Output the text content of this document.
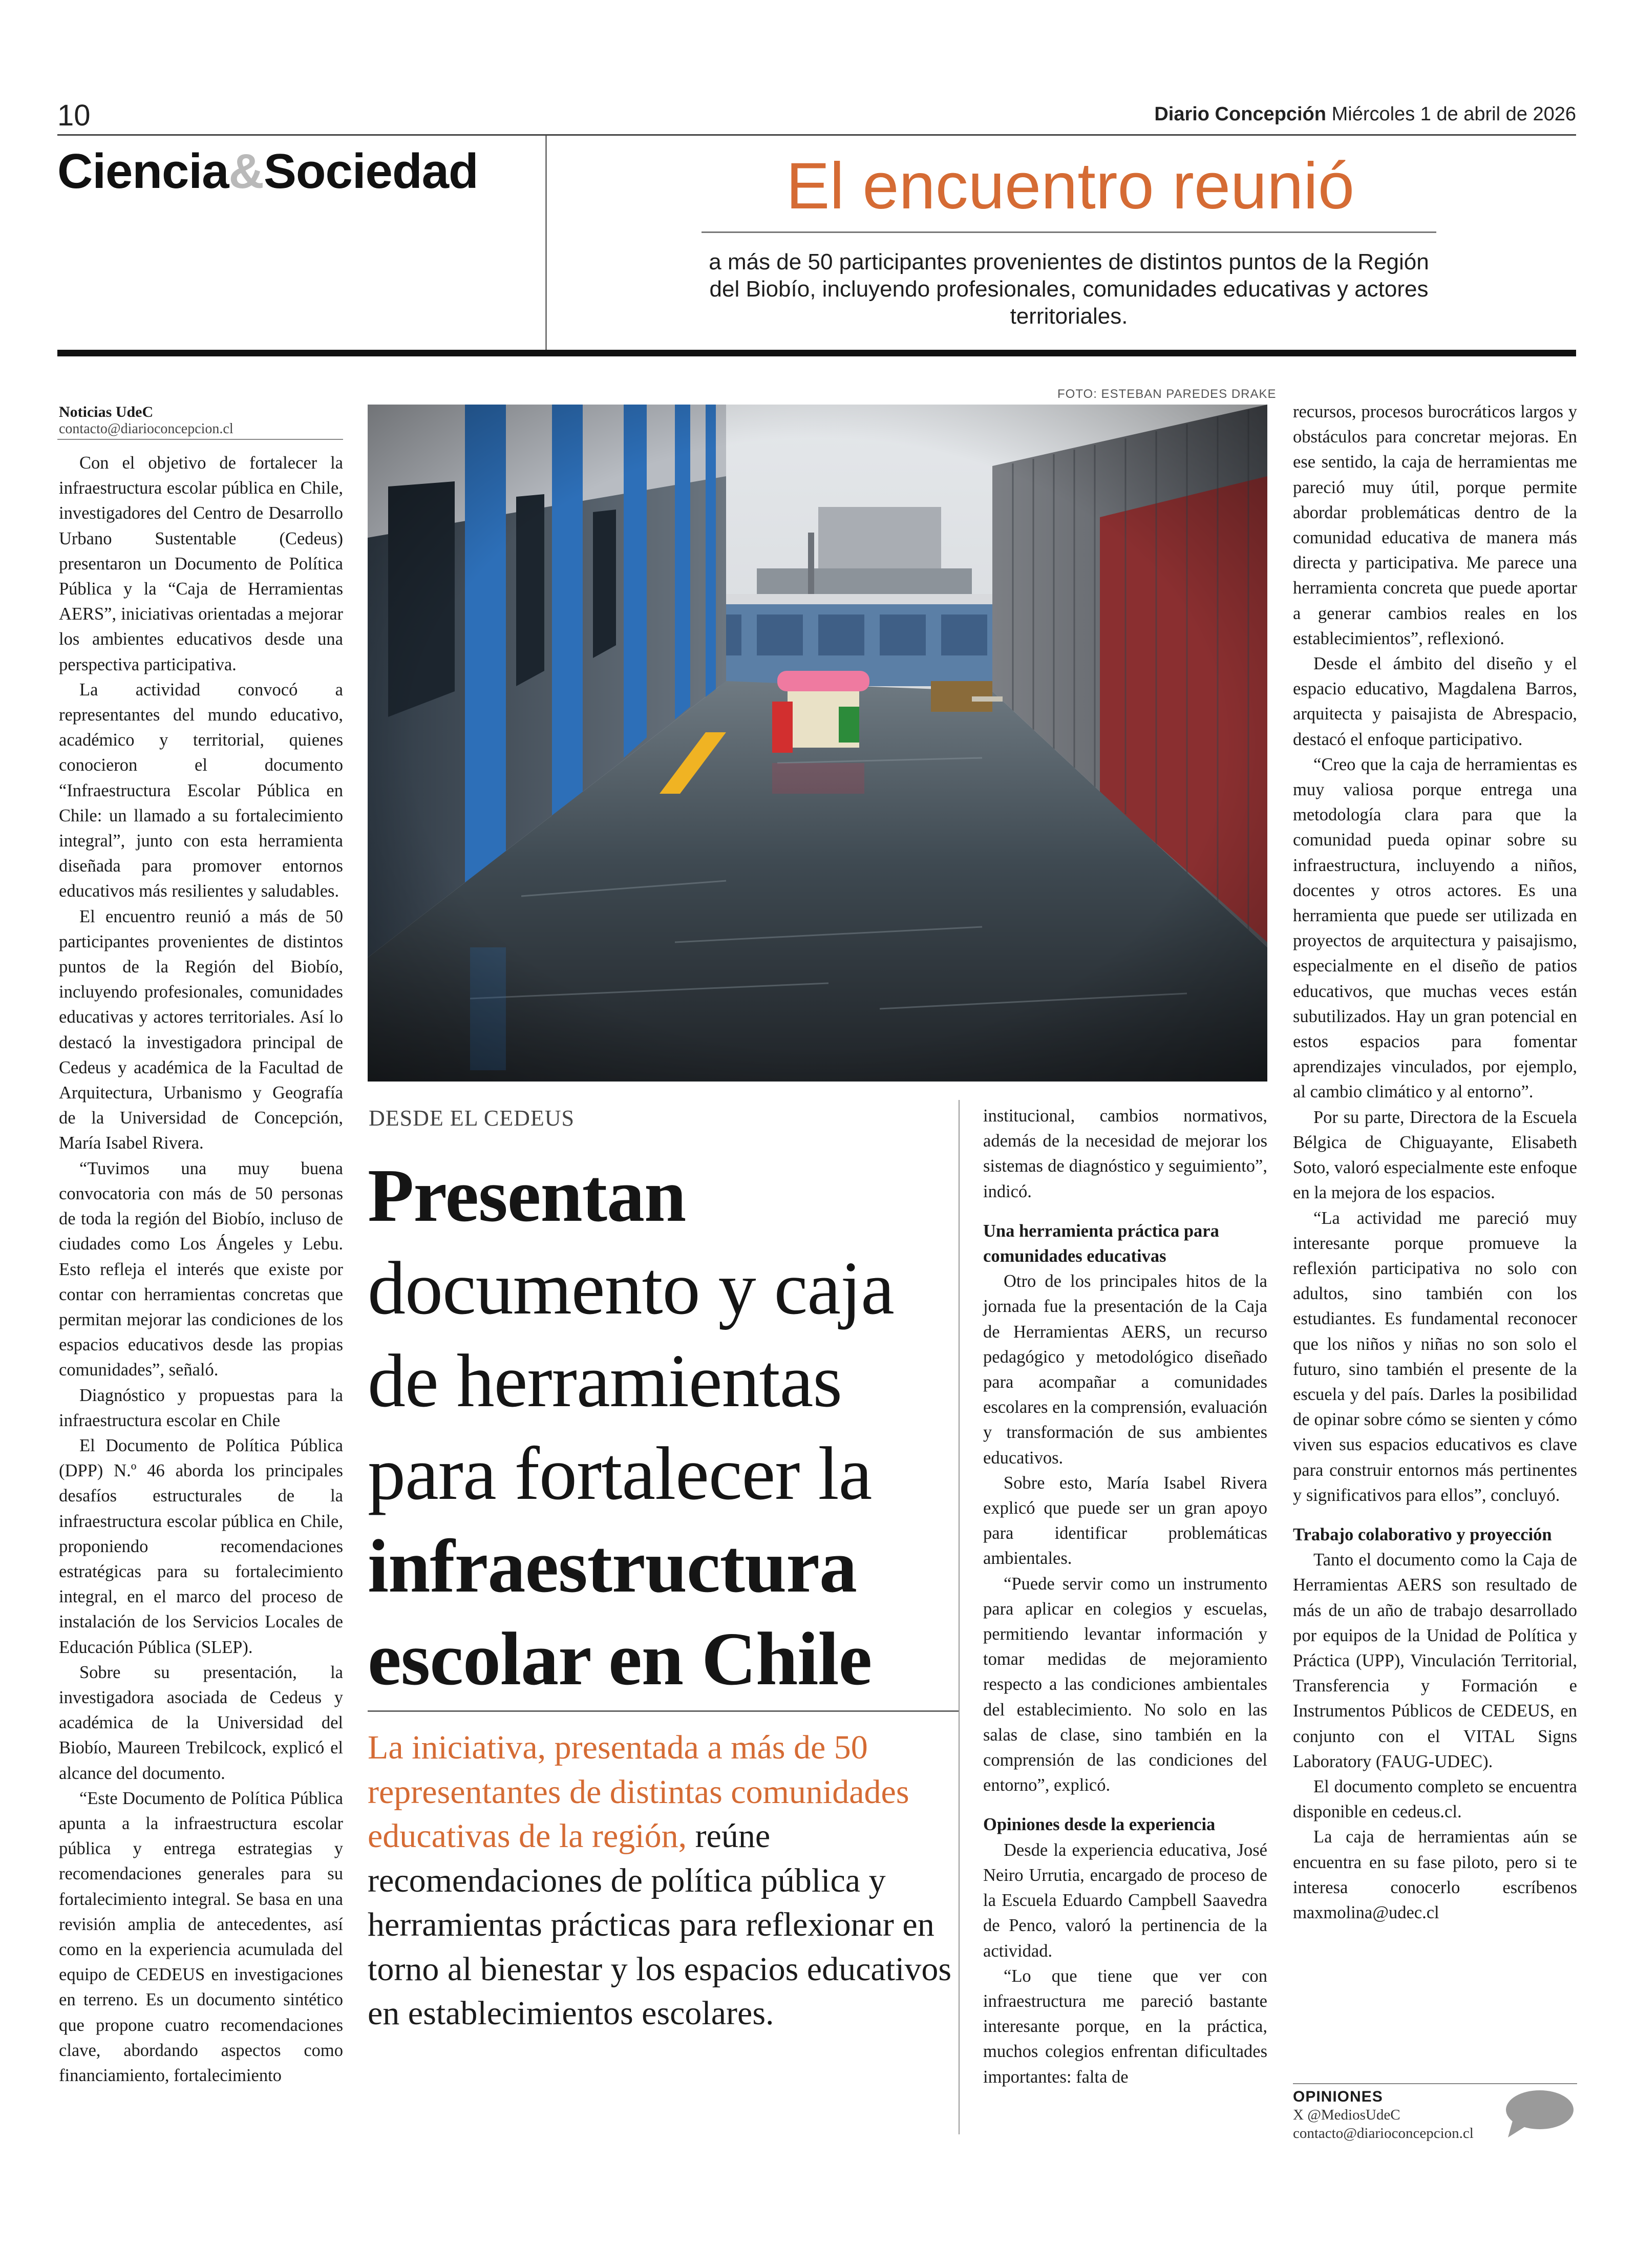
10	Diario Concepción Miércoles 1 de abril de 2026
Ciencia&Sociedad	El encuentro reunió
a más de 50 participantes provenientes de distintos puntos de la Región del Biobío, incluyendo profesionales, comunidades educativas y actores territoriales.
Noticias UdeC
contacto@diarioconcepcion.cl

Con el objetivo de fortalecer la infraestructura escolar pública en Chile, investigadores del Centro de Desarrollo Urbano Sustentable (Cedeus) presentaron un Documento de Política Pública y la “Caja de Herramientas AERS”, iniciativas orientadas a mejorar los ambientes educativos desde una perspectiva participativa.

La actividad convocó a representantes del mundo educativo, académico y territorial, quienes conocieron el documento “Infraestructura Escolar Pública en Chile: un llamado a su fortalecimiento integral”, junto con esta herramienta diseñada para promover entornos educativos más resilientes y saludables.

El encuentro reunió a más de 50 participantes provenientes de distintos puntos de la Región del Biobío, incluyendo profesionales, comunidades educativas y actores territoriales. Así lo destacó la investigadora principal de Cedeus y académica de la Facultad de Arquitectura, Urbanismo y Geografía de la Universidad de Concepción, María Isabel Rivera.

“Tuvimos una muy buena convocatoria con más de 50 personas de toda la región del Biobío, incluso de ciudades como Los Ángeles y Lebu. Esto refleja el interés que existe por contar con herramientas concretas que permitan mejorar las condiciones de los espacios educativos desde las propias comunidades”, señaló.

Diagnóstico y propuestas para la infraestructura escolar en Chile

El Documento de Política Pública (DPP) N.º 46 aborda los principales desafíos estructurales de la infraestructura escolar pública en Chile, proponiendo recomendaciones estratégicas para su fortalecimiento integral, en el marco del proceso de instalación de los Servicios Locales de Educación Pública (SLEP).

Sobre su presentación, la investigadora asociada de Cedeus y académica de la Universidad del Biobío, Maureen Trebilcock, explicó el alcance del documento.

“Este Documento de Política Pública apunta a la infraestructura escolar pública y entrega estrategias y recomendaciones generales para su fortalecimiento integral. Se basa en una revisión amplia de antecedentes, así como en la experiencia acumulada del equipo de CEDEUS en investigaciones en terreno. Es un documento sintético que propone cuatro recomendaciones clave, abordando aspectos como financiamiento, fortalecimiento

FOTO: ESTEBAN PAREDES DRAKE
DESDE EL CEDEUS
Presentan
documento y caja de herramientas para fortalecer la
infraestructura escolar en Chile
La iniciativa, presentada a más de 50 representantes de distintas comunidades educativas de la región, reúne recomendaciones de política pública y herramientas prácticas para reflexionar en torno al bienestar y los espacios educativos en establecimientos escolares.

institucional, cambios normativos, además de la necesidad de mejorar los sistemas de diagnóstico y seguimiento”, indicó.

Una herramienta práctica para comunidades educativas

Otro de los principales hitos de la jornada fue la presentación de la Caja de Herramientas AERS, un recurso pedagógico y metodológico diseñado para acompañar a comunidades escolares en la comprensión, evaluación y transformación de sus ambientes educativos.

Sobre esto, María Isabel Rivera explicó que puede ser un gran apoyo para identificar problemáticas ambientales.

“Puede servir como un instrumento para aplicar en colegios y escuelas, permitiendo levantar información y tomar medidas de mejoramiento respecto a las condiciones ambientales del establecimiento. No solo en las salas de clase, sino también en la comprensión de las condiciones del entorno”, explicó.

Opiniones desde la experiencia

Desde la experiencia educativa, José Neiro Urrutia, encargado de proceso de la Escuela Eduardo Campbell Saavedra de Penco, valoró la pertinencia de la actividad.

“Lo que tiene que ver con infraestructura me pareció bastante interesante porque, en la práctica, muchos colegios enfrentan dificultades importantes: falta de

recursos, procesos burocráticos largos y obstáculos para concretar mejoras. En ese sentido, la caja de herramientas me pareció muy útil, porque permite abordar problemáticas dentro de la comunidad educativa de manera más directa y participativa. Me parece una herramienta concreta que puede aportar a generar cambios reales en los establecimientos”, reflexionó.

Desde el ámbito del diseño y el espacio educativo, Magdalena Barros, arquitecta y paisajista de Abrespacio, destacó el enfoque participativo.

“Creo que la caja de herramientas es muy valiosa porque entrega una metodología clara para que la comunidad pueda opinar sobre su infraestructura, incluyendo a niños, docentes y otros actores. Es una herramienta que puede ser utilizada en proyectos de arquitectura y paisajismo, especialmente en el diseño de patios educativos, que muchas veces están subutilizados. Hay un gran potencial en estos espacios para fomentar aprendizajes vinculados, por ejemplo, al cambio climático y al entorno”.

Por su parte, Directora de la Escuela Bélgica de Chiguayante, Elisabeth Soto, valoró especialmente este enfoque en la mejora de los espacios.

“La actividad me pareció muy interesante porque promueve la reflexión participativa no solo con adultos, sino también con los estudiantes. Es fundamental reconocer que los niños y niñas no son solo el futuro, sino también el presente de la escuela y del país. Darles la posibilidad de opinar sobre cómo se sienten y cómo viven sus espacios educativos es clave para construir entornos más pertinentes y significativos para ellos”, concluyó.

Trabajo colaborativo y proyección

Tanto el documento como la Caja de Herramientas AERS son resultado de más de un año de trabajo desarrollado por equipos de la Unidad de Política y Práctica (UPP), Vinculación Territorial, Transferencia y Formación e Instrumentos Públicos de CEDEUS, en conjunto con el VITAL Signs Laboratory (FAUG-UDEC).

El documento completo se encuentra disponible en cedeus.cl.

La caja de herramientas aún se encuentra en su fase piloto, pero si te interesa conocerlo escríbenos maxmolina@udec.cl

OPINIONES
X @MediosUdeC
contacto@diarioconcepcion.cl
